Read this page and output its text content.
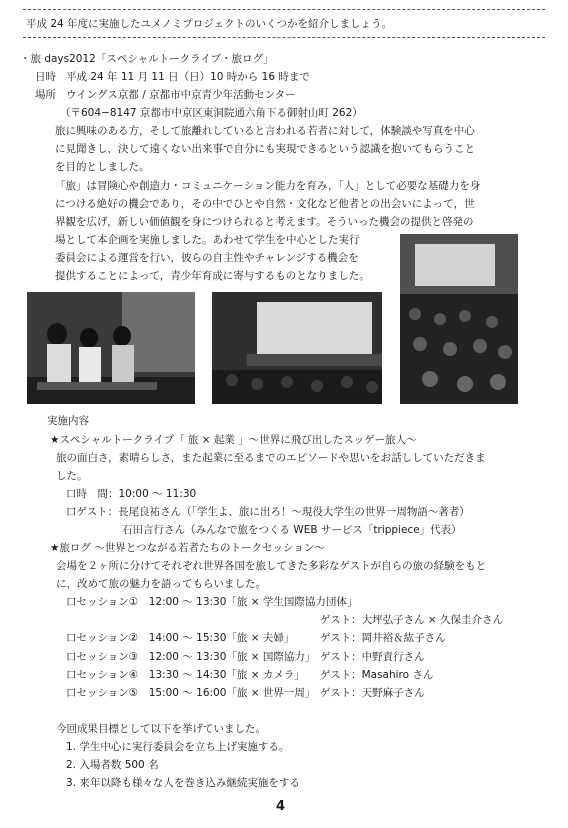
平成 24 年度に実施したユメノミプロジェクトのいくつかを紹介しましょう。
・旅 days2012「スペシャルトークライブ・旅ログ」
日時 平成 24 年 11 月 11 日（日）10 時から 16 時まで
場所 ウイングス京都 / 京都市中京青少年活動センター
（〒604−8147 京都市中京区東洞院通六角下る御射山町 262）
旅に興味のある方，そして旅離れしていると言われる若者に対して，体験談や写真を中心
に見聞きし，決して遠くない出来事で自分にも実現できるという認識を抱いてもらうこと
を目的としました。
「旅」は冒険心や創造力・コミュニケーション能力を育み，「人」として必要な基礎力を身
につける絶好の機会であり，その中でひとや自然・文化など他者との出会いによって，世
界観を広げ，新しい価値観を身につけられると考えます。そういった機会の提供と啓発の
場として本企画を実施しました。あわせて学生を中心とした実行
委員会による運営を行い，彼らの自主性やチャレンジする機会を
提供することによって，青少年育成に寄与するものとなりました。
実施内容
★スペシャルトークライブ「 旅 × 起業 」～世界に飛び出したスッゲー旅人～
旅の面白さ，素晴らしさ，また起業に至るまでのエピソードや思いをお話ししていただきま
した。
口時　間：10:00 ～ 11:30
口ゲスト：長尾良祐さん（「学生よ、旅に出ろ！～現役大学生の世界一周物語～著者）
石田言行さん（みんなで旅をつくる WEB サービス「trippiece」代表）
★旅ログ ～世界とつながる若者たちのトークセッション～
会場を２ヶ所に分けてそれぞれ世界各国を旅してきた多彩なゲストが自らの旅の経験をもと
に，改めて旅の魅力を語ってもらいました。
口セッション①　12:00 ～ 13:30「旅 × 学生国際協力団体」
ゲスト：大坪弘子さん × 久保圭介さん
口セッション②　14:00 ～ 15:30「旅 × 夫婦」 ゲスト：岡井裕＆紘子さん
口セッション③　12:00 ～ 13:30「旅 × 国際協力」 ゲスト：中野責行さん
口セッション④　13:30 ～ 14:30「旅 × カメラ」 ゲスト：Masahiro さん
口セッション⑤　15:00 ～ 16:00「旅 × 世界一周」 ゲスト：天野麻子さん
今回成果目標として以下を挙げていました。
1. 学生中心に実行委員会を立ち上げ実施する。
2. 入場者数 500 名
3. 来年以降も様々な人を巻き込み継続実施をする
4
